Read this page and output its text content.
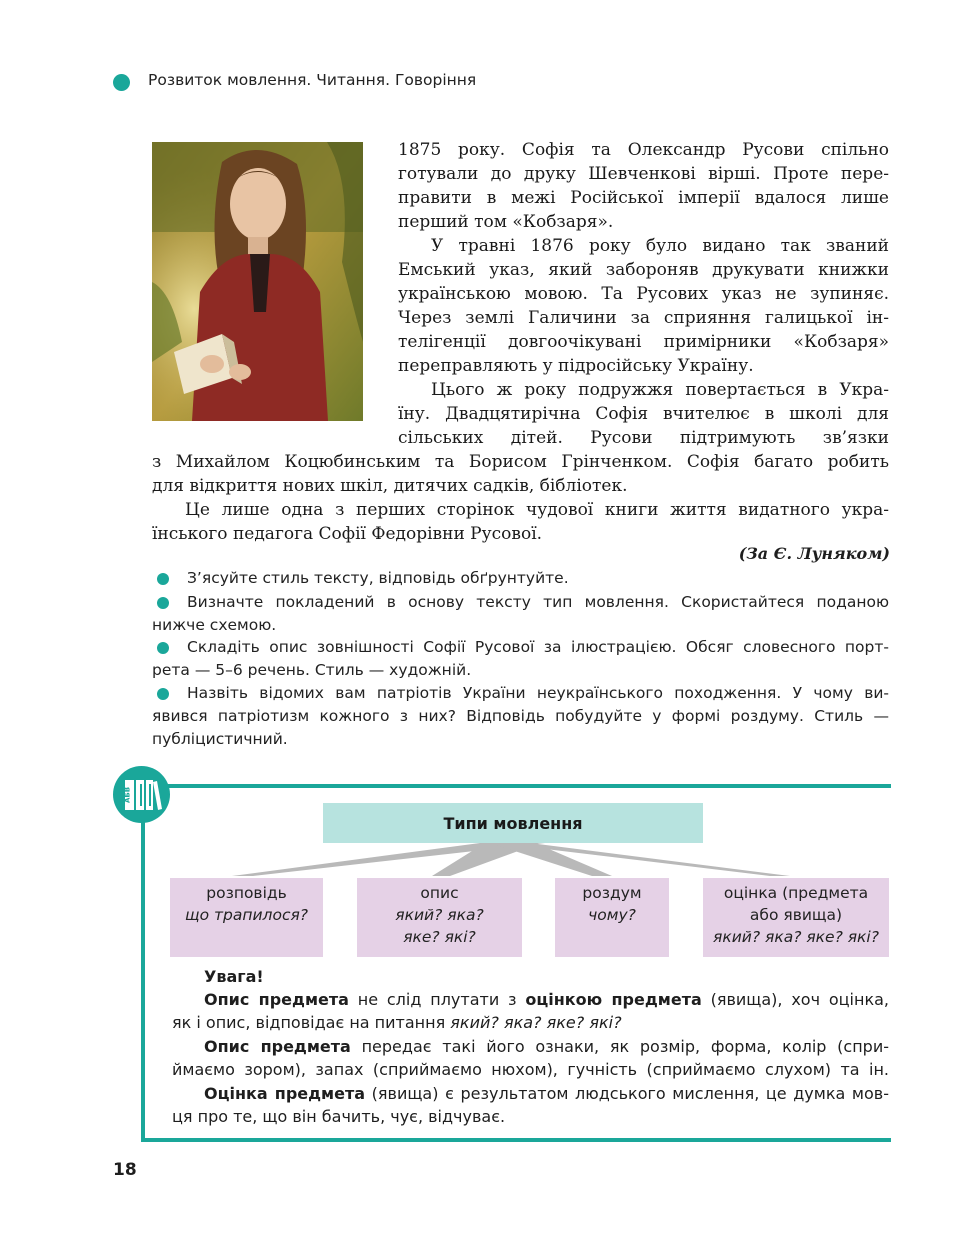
Розвиток мовлення. Читання. Говоріння
1875 року. Софія та Олександр Русови спільно
готували до друку Шевченкові вірші. Проте пере-
правити в межі Російської імперії вдалося лише
перший том «Кобзаря».
У травні 1876 року було видано так званий
Емський указ, який забороняв друкувати книжки
українською мовою. Та Русових указ не зупиняє.
Через землі Галичини за сприяння галицької ін-
телігенції довгоочікувані примірники «Кобзаря»
переправляють у підросійську Україну.
Цього ж року подружжя повертається в Укра-
їну. Двадцятирічна Софія вчителює в школі для
сільських дітей. Русови підтримують зв’язки
з Михайлом Коцюбинським та Борисом Грінченком. Софія багато робить
для відкриття нових шкіл, дитячих садків, бібліотек.
Це лише одна з перших сторінок чудової книги життя видатного укра-
їнського педагога Софії Федорівни Русової.
(За Є. Луняком)
З’ясуйте стиль тексту, відповідь обґрунтуйте.
Визначте покладений в основу тексту тип мовлення. Скористайтеся поданою
нижче схемою.
Складіть опис зовнішності Софії Русової за ілюстрацією. Обсяг словесного порт-
рета — 5–6 речень. Стиль — художній.
Назвіть відомих вам патріотів України неукраїнського походження. У чому ви-
явився патріотизм кожного з них? Відповідь побудуйте у формі роздуму. Стиль —
публіцистичний.
АБВ
Типи мовлення
розповідь
що трапилося?
опис
який? яка?
яке? які?
роздум
чому?
оцінка (предмета
або явища)
який? яка? яке? які?
Увага!
Опис предмета не слід плутати з оцінкою предмета (явища), хоч оцінка,
як і опис, відповідає на питання який? яка? яке? які?
Опис предмета передає такі його ознаки, як розмір, форма, колір (спри-
ймаємо зором), запах (сприймаємо нюхом), гучність (сприймаємо слухом) та ін.
Оцінка предмета (явища) є результатом людського мислення, це думка мов-
ця про те, що він бачить, чує, відчуває.
18
